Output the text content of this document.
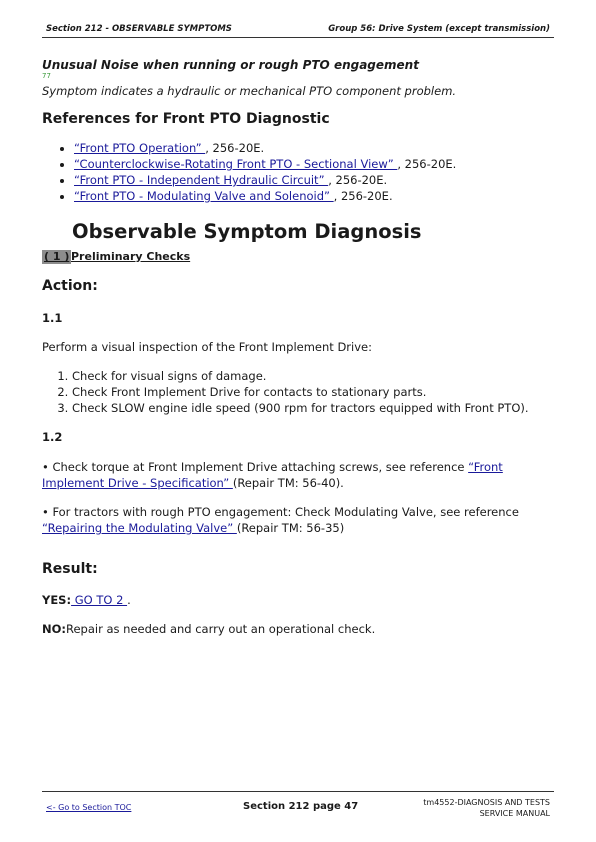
Section 212 - OBSERVABLE SYMPTOMS	Group 56: Drive System (except transmission)
Unusual Noise when running or rough PTO engagement
77
Symptom indicates a hydraulic or mechanical PTO component problem.
References for Front PTO Diagnostic
• “Front PTO Operation” , 256-20E.
• “Counterclockwise-Rotating Front PTO - Sectional View” , 256-20E.
• “Front PTO - Independent Hydraulic Circuit” , 256-20E.
• “Front PTO - Modulating Valve and Solenoid” , 256-20E.
Observable Symptom Diagnosis
( 1 ) Preliminary Checks
Action:
1.1
Perform a visual inspection of the Front Implement Drive:
1. Check for visual signs of damage.
2. Check Front Implement Drive for contacts to stationary parts.
3. Check SLOW engine idle speed (900 rpm for tractors equipped with Front PTO).
1.2
• Check torque at Front Implement Drive attaching screws, see reference “Front Implement Drive - Specification” (Repair TM: 56-40).
• For tractors with rough PTO engagement: Check Modulating Valve, see reference “Repairing the Modulating Valve” (Repair TM: 56-35)
Result:
YES: GO TO 2 .
NO:Repair as needed and carry out an operational check.
<- Go to Section TOC	Section 212 page 47	tm4552-DIAGNOSIS AND TESTS
SERVICE MANUAL
